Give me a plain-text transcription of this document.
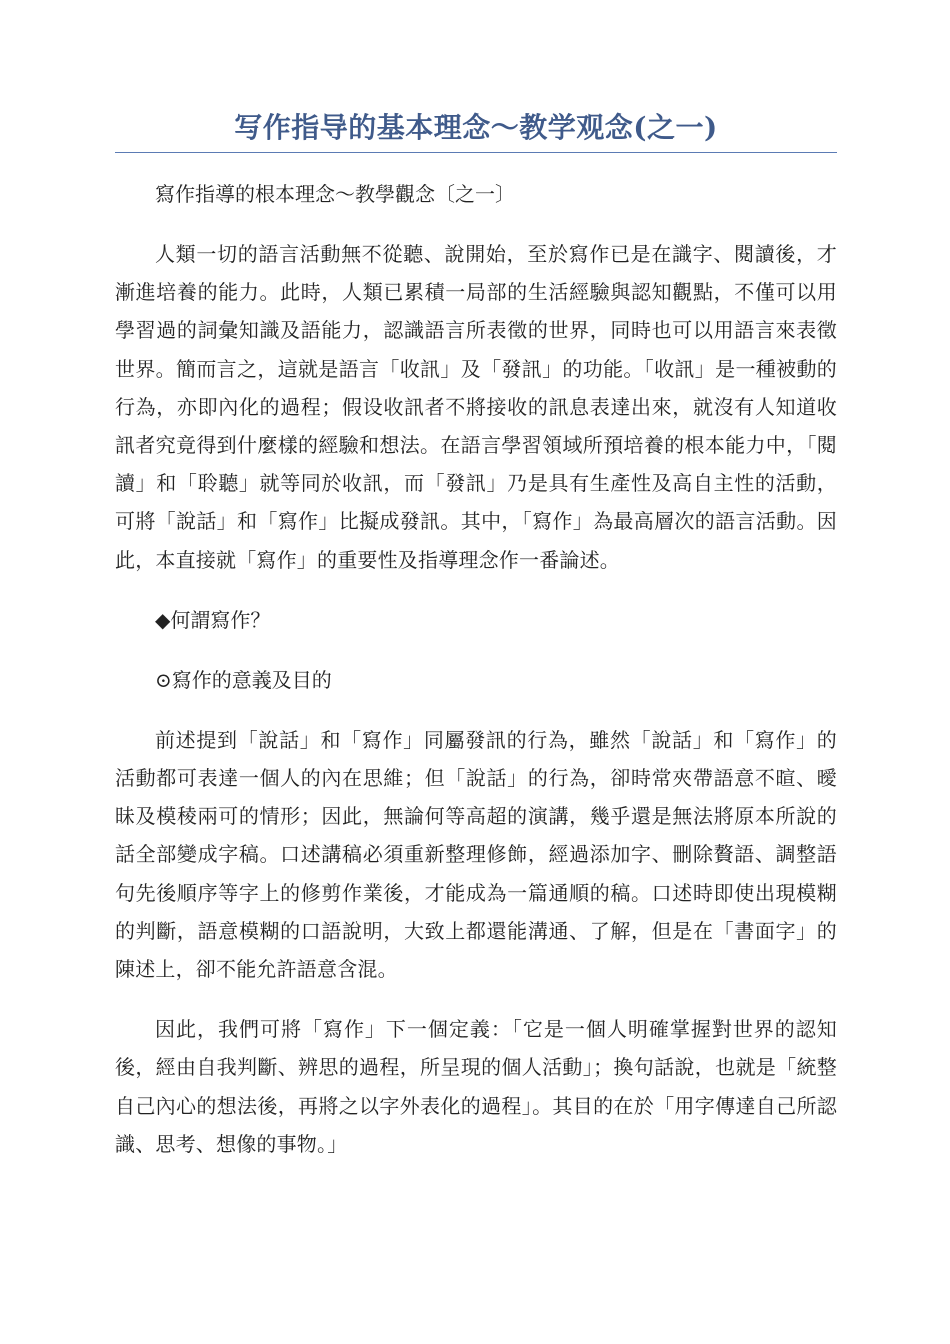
写作指导的基本理念～教学观念(之一)

寫作指導的根本理念～教學觀念〔之一〕

人類一切的語言活動無不從聽、說開始，至於寫作已是在識字、閱讀後，才漸進培養的能力。此時，人類已累積一局部的生活經驗與認知觀點，不僅可以用學習過的詞彙知識及語能力，認識語言所表徵的世界，同時也可以用語言來表徵世界。簡而言之，這就是語言「收訊」及「發訊」的功能。「收訊」是一種被動的行為，亦即內化的過程；假设收訊者不將接收的訊息表達出來，就沒有人知道收訊者究竟得到什麼樣的經驗和想法。在語言學習領域所預培養的根本能力中，「閱讀」和「聆聽」就等同於收訊，而「發訊」乃是具有生產性及高自主性的活動，可將「說話」和「寫作」比擬成發訊。其中，「寫作」為最高層次的語言活動。因此，本直接就「寫作」的重要性及指導理念作一番論述。

◆何謂寫作？

⊙寫作的意義及目的

前述提到「說話」和「寫作」同屬發訊的行為，雖然「說話」和「寫作」的活動都可表達一個人的內在思維；但「說話」的行為，卻時常夾帶語意不暄、曖昧及模稜兩可的情形；因此，無論何等高超的演講，幾乎還是無法將原本所說的話全部變成字稿。口述講稿必須重新整理修飾，經過添加字、刪除贅語、調整語句先後順序等字上的修剪作業後，才能成為一篇通順的稿。口述時即使出現模糊的判斷，語意模糊的口語說明，大致上都還能溝通、了解，但是在「書面字」的陳述上，卻不能允許語意含混。

因此，我們可將「寫作」下一個定義：「它是一個人明確掌握對世界的認知後，經由自我判斷、辨思的過程，所呈現的個人活動」；換句話說，也就是「統整自己內心的想法後，再將之以字外表化的過程」。其目的在於「用字傳達自己所認識、思考、想像的事物。」
